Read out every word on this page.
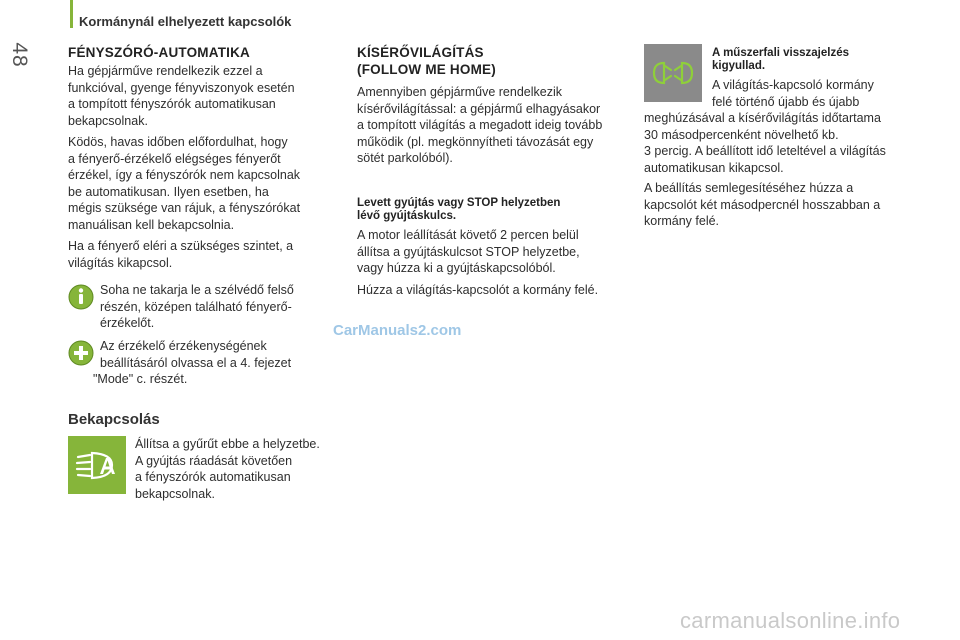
48
Kormánynál elhelyezett kapcsolók
FÉNYSZÓRÓ-AUTOMATIKA

Ha gépjárműve rendelkezik ezzel a
funkcióval, gyenge fényviszonyok esetén
a tompított fényszórók automatikusan
bekapcsolnak.

Ködös, havas időben előfordulhat, hogy
a fényerő-érzékelő elégséges fényerőt
érzékel, így a fényszórók nem kapcsolnak
be automatikusan. Ilyen esetben, ha
mégis szüksége van rájuk, a fényszórókat
manuálisan kell bekapcsolnia.

Ha a fényerő eléri a szükséges szintet, a
világítás kikapcsol.

Soha ne takarja le a szélvédő felső
részén, középen található fényerő-
érzékelőt.

Az érzékelő érzékenységének
beállításáról olvassa el a 4. fejezet
"Mode" c. részét.

Bekapcsolás

Állítsa a gyűrűt ebbe a helyzetbe.
A gyújtás ráadását követően
a fényszórók automatikusan
bekapcsolnak.

KÍSÉRŐVILÁGÍTÁS
(FOLLOW ME HOME)

Amennyiben gépjárműve rendelkezik
kísérővilágítással: a gépjármű elhagyásakor
a tompított világítás a megadott ideig tovább
működik (pl. megkönnyítheti távozását egy
sötét parkolóból).

Levett gyújtás vagy STOP helyzetben
lévő gyújtáskulcs.

A motor leállítását követő 2 percen belül
állítsa a gyújtáskulcsot STOP helyzetbe,
vagy húzza ki a gyújtáskapcsolóból.

Húzza a világítás-kapcsolót a kormány felé.

A műszerfali visszajelzés
kigyullad.

A világítás-kapcsoló kormány
felé történő újabb és újabb
meghúzásával a kísérővilágítás időtartama
30 másodpercenként növelhető kb.
3 percig. A beállított idő leteltével a világítás
automatikusan kikapcsol.

A beállítás semlegesítéséhez húzza a
kapcsolót két másodpercnél hosszabban a
kormány felé.

CarManuals2.com
carmanualsonline.info
